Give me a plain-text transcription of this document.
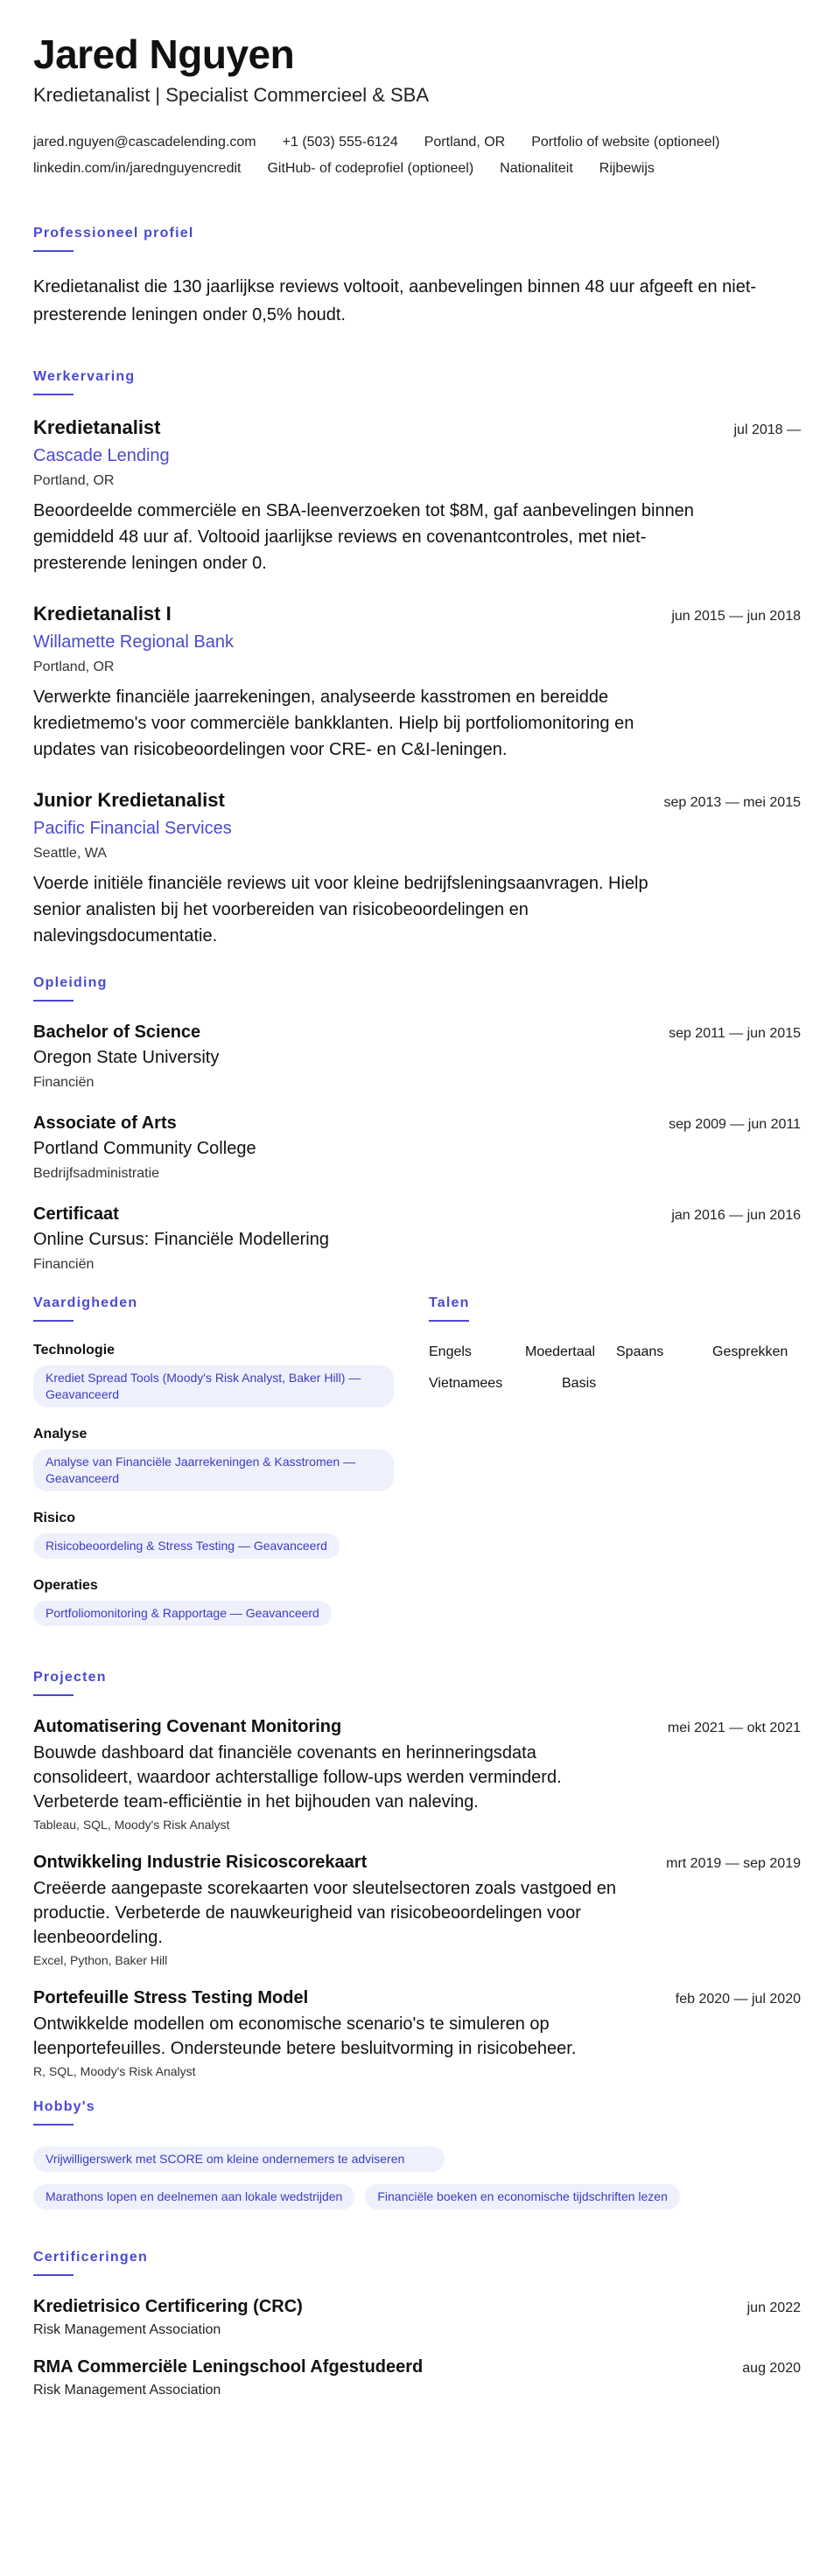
Jared Nguyen
Kredietanalist | Specialist Commercieel & SBA
jared.nguyen@cascadelending.com +1 (503) 555-6124 Portland, OR Portfolio of website (optioneel)
linkedin.com/in/jarednguyencredit GitHub- of codeprofiel (optioneel) Nationaliteit Rijbewijs
Professioneel profiel

Kredietanalist die 130 jaarlijkse reviews voltooit, aanbevelingen binnen 48 uur afgeeft en niet-presterende leningen onder 0,5% houdt.

Werkervaring
Kredietanalist	jul 2018 —
Cascade Lending
Portland, OR

Beoordeelde commerciële en SBA-leenverzoeken tot $8M, gaf aanbevelingen binnen gemiddeld 48 uur af. Voltooid jaarlijkse reviews en covenantcontroles, met niet-presterende leningen onder 0.

Kredietanalist I	jun 2015 — jun 2018
Willamette Regional Bank
Portland, OR

Verwerkte financiële jaarrekeningen, analyseerde kasstromen en bereidde kredietmemo's voor commerciële bankklanten. Hielp bij portfoliomonitoring en updates van risicobeoordelingen voor CRE- en C&I-leningen.

Junior Kredietanalist	sep 2013 — mei 2015
Pacific Financial Services
Seattle, WA

Voerde initiële financiële reviews uit voor kleine bedrijfsleningsaanvragen. Hielp senior analisten bij het voorbereiden van risicobeoordelingen en nalevingsdocumentatie.

Opleiding
Bachelor of Science	sep 2011 — jun 2015
Oregon State University
Financiën
Associate of Arts	sep 2009 — jun 2011
Portland Community College
Bedrijfsadministratie
Certificaat	jan 2016 — jun 2016
Online Cursus: Financiële Modellering
Financiën
Vaardigheden
Technologie
Krediet Spread Tools (Moody's Risk Analyst, Baker Hill) — Geavanceerd
Analyse
Analyse van Financiële Jaarrekeningen & Kasstromen — Geavanceerd
Risico
Risicobeoordeling & Stress Testing — Geavanceerd
Operaties
Portfoliomonitoring & Rapportage — Geavanceerd
Talen
Engels	Moedertaal	Spaans	Gesprekken
Vietnamees	Basis
Projecten
Automatisering Covenant Monitoring	mei 2021 — okt 2021

Bouwde dashboard dat financiële covenants en herinneringsdata consolideert, waardoor achterstallige follow-ups werden verminderd. Verbeterde team-efficiëntie in het bijhouden van naleving.

Tableau, SQL, Moody's Risk Analyst
Ontwikkeling Industrie Risicoscorekaart	mrt 2019 — sep 2019

Creëerde aangepaste scorekaarten voor sleutelsectoren zoals vastgoed en productie. Verbeterde de nauwkeurigheid van risicobeoordelingen voor leenbeoordeling.

Excel, Python, Baker Hill
Portefeuille Stress Testing Model	feb 2020 — jul 2020

Ontwikkelde modellen om economische scenario's te simuleren op leenportefeuilles. Ondersteunde betere besluitvorming in risicobeheer.

R, SQL, Moody's Risk Analyst
Hobby's
Vrijwilligerswerk met SCORE om kleine ondernemers te adviseren
Marathons lopen en deelnemen aan lokale wedstrijden	Financiële boeken en economische tijdschriften lezen
Certificeringen
Kredietrisico Certificering (CRC)	jun 2022
Risk Management Association
RMA Commerciële Leningschool Afgestudeerd	aug 2020
Risk Management Association
